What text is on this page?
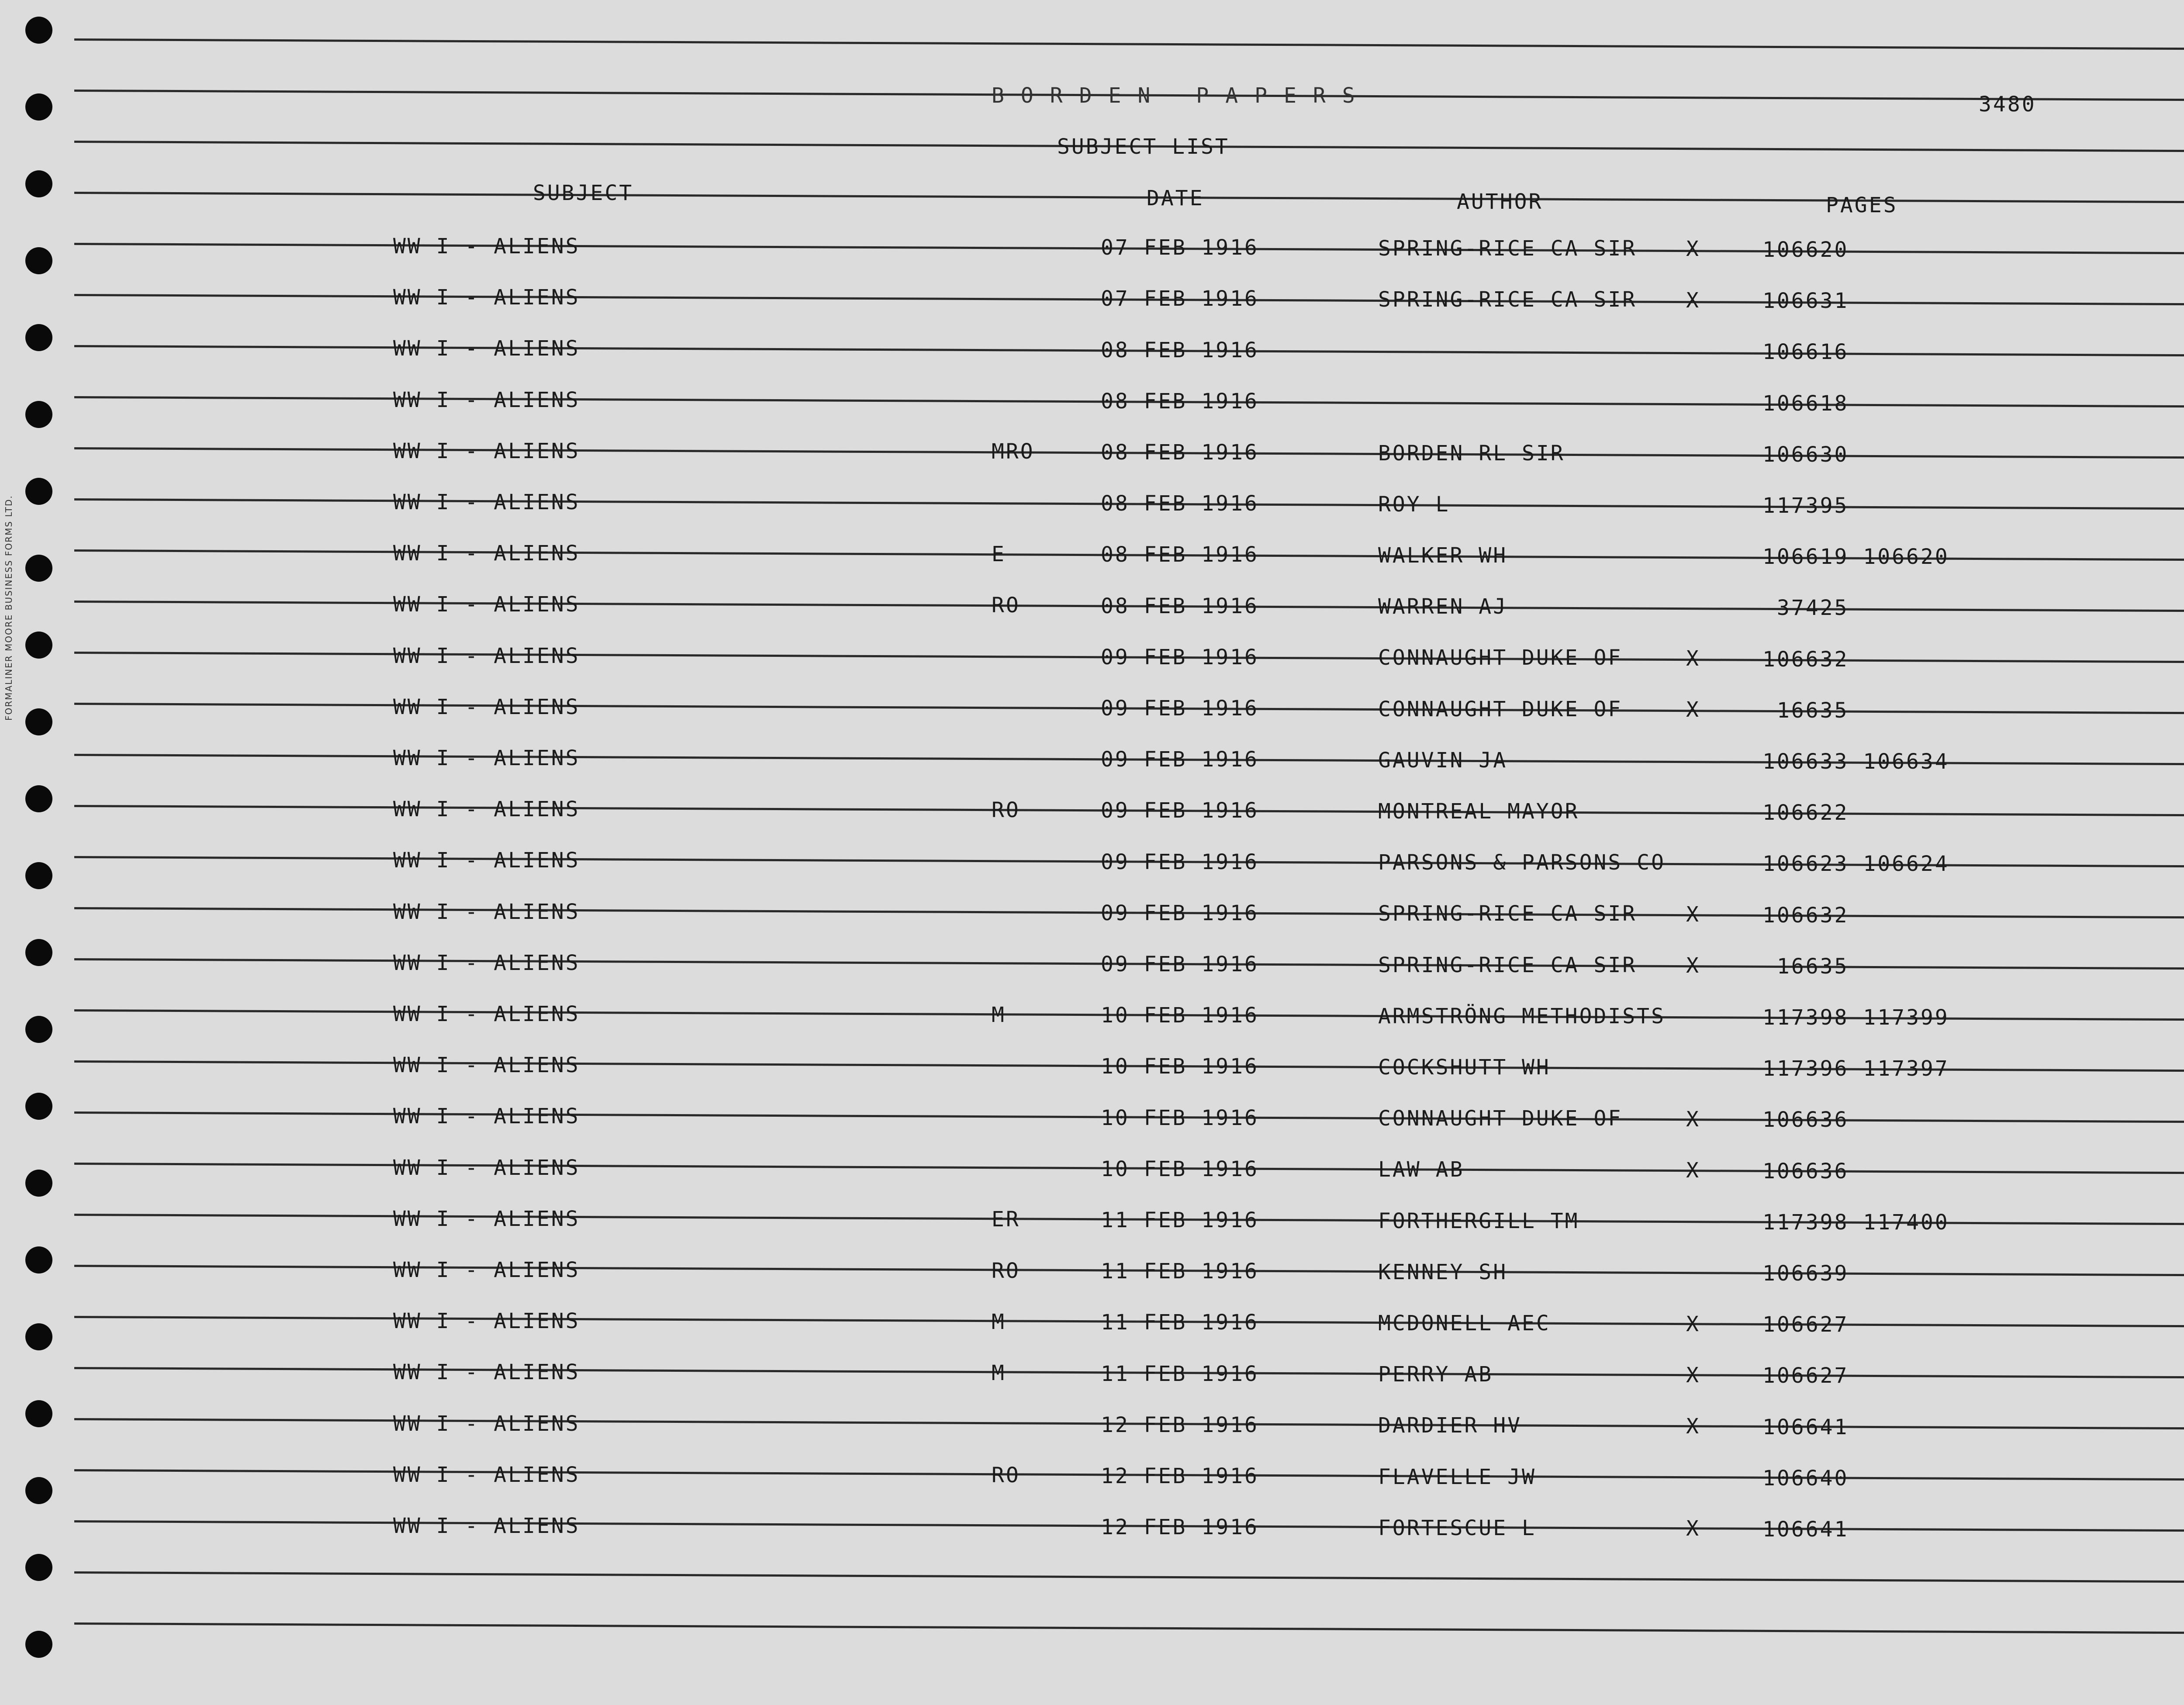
FORMALINER MOORE BUSINESS FORMS LTD.
BORDEN PAPERS	3480
SUBJECT LIST
SUBJECT	DATE	AUTHOR	PAGES
WW I - ALIENS	07 FEB 1916	SPRING-RICE CA SIR X	106620
WW I - ALIENS	07 FEB 1916	SPRING-RICE CA SIR X	106631
WW I - ALIENS	08 FEB 1916	106616
WW I - ALIENS	08 FEB 1916	106618
WW I - ALIENS	MRO	08 FEB 1916	BORDEN RL SIR	106630
WW I - ALIENS	08 FEB 1916	ROY L	117395
WW I - ALIENS	E	08 FEB 1916	WALKER WH	106619 106620
WW I - ALIENS	RO	08 FEB 1916	WARREN AJ	37425
WW I - ALIENS	09 FEB 1916	CONNAUGHT DUKE OF	X	106632
WW I - ALIENS	09 FEB 1916	CONNAUGHT DUKE OF	X	16635
WW I - ALIENS	09 FEB 1916	GAUVIN JA	106633 106634
WW I - ALIENS	RO	09 FEB 1916	MONTREAL MAYOR	106622
WW I - ALIENS	09 FEB 1916	PARSONS & PARSONS CO	106623 106624
WW I - ALIENS	09 FEB 1916	SPRING-RICE CA SIR X	106632
WW I - ALIENS	09 FEB 1916	SPRING-RICE CA SIR X	16635
WW I - ALIENS	M	10 FEB 1916	ARMSTRÖNG METHODISTS	117398 117399
WW I - ALIENS	10 FEB 1916	COCKSHUTT WH	117396 117397
WW I - ALIENS	10 FEB 1916	CONNAUGHT DUKE OF	X	106636
WW I - ALIENS	10 FEB 1916	LAW AB	X	106636
WW I - ALIENS	ER	11 FEB 1916	FORTHERGILL TM	117398 117400
WW I - ALIENS	RO	11 FEB 1916	KENNEY SH	106639
WW I - ALIENS	M	11 FEB 1916	MCDONELL AEC	X	106627
WW I - ALIENS	M	11 FEB 1916	PERRY AB	X	106627
WW I - ALIENS	12 FEB 1916	DARDIER HV	X	106641
WW I - ALIENS	RO	12 FEB 1916	FLAVELLE JW	106640
WW I - ALIENS	12 FEB 1916	FORTESCUE L	X	106641
